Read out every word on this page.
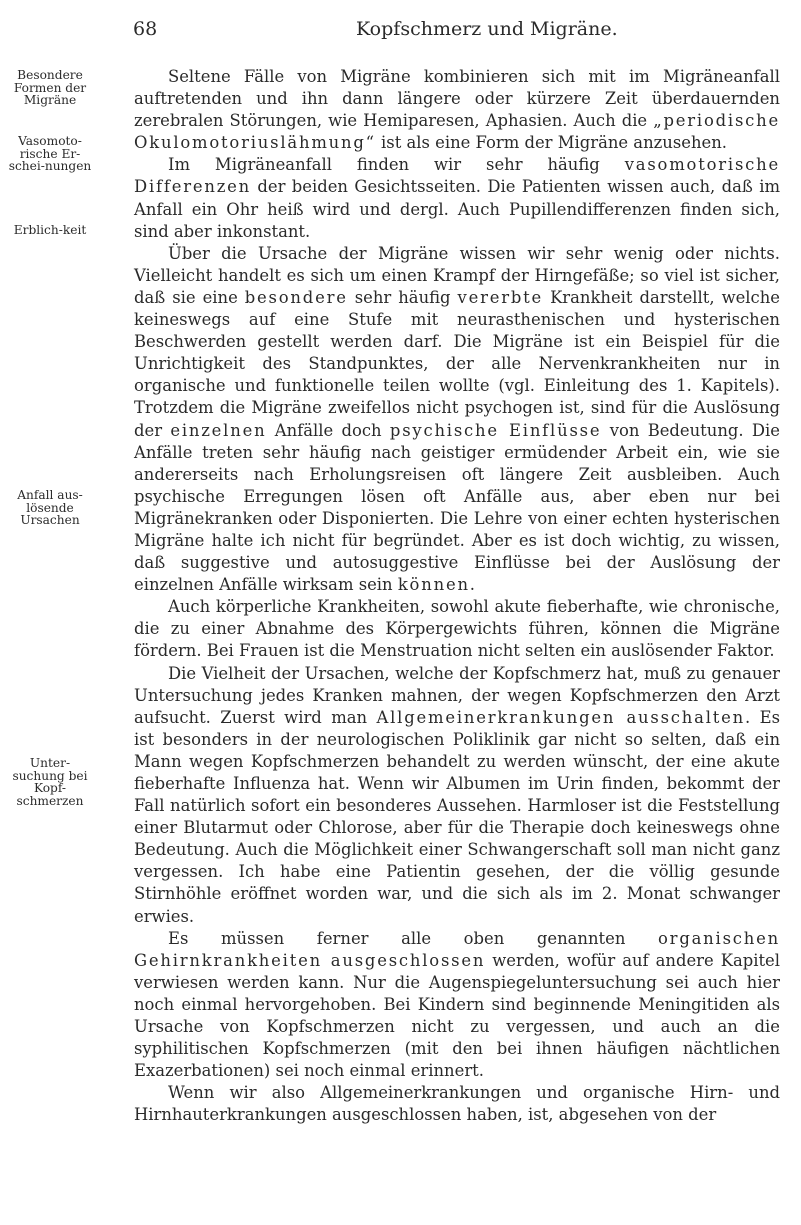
68	Kopfschmerz und Migräne.
Besondere Formen der Migräne
Vasomoto-rische Er-schei-nungen
Erblich-keit
Anfall aus-lösende Ursachen
Unter-suchung bei Kopf-schmerzen

Seltene Fälle von Migräne kombinieren sich mit im Migräneanfall auftretenden und ihn dann längere oder kürzere Zeit überdauernden zerebralen Störungen, wie Hemiparesen, Aphasien. Auch die „periodische Okulomotoriuslähmung“ ist als eine Form der Migräne anzusehen.

Im Migräneanfall finden wir sehr häufig vasomotorische Differenzen der beiden Gesichtsseiten. Die Patienten wissen auch, daß im Anfall ein Ohr heiß wird und dergl. Auch Pupillendifferenzen finden sich, sind aber inkonstant.

Über die Ursache der Migräne wissen wir sehr wenig oder nichts. Vielleicht handelt es sich um einen Krampf der Hirngefäße; so viel ist sicher, daß sie eine besondere sehr häufig vererbte Krankheit darstellt, welche keineswegs auf eine Stufe mit neurasthenischen und hysterischen Beschwerden gestellt werden darf. Die Migräne ist ein Beispiel für die Unrichtigkeit des Standpunktes, der alle Nervenkrankheiten nur in organische und funktionelle teilen wollte (vgl. Einleitung des 1. Kapitels). Trotzdem die Migräne zweifellos nicht psychogen ist, sind für die Auslösung der einzelnen Anfälle doch psychische Einflüsse von Bedeutung. Die Anfälle treten sehr häufig nach geistiger ermüdender Arbeit ein, wie sie andererseits nach Erholungsreisen oft längere Zeit ausbleiben. Auch psychische Erregungen lösen oft Anfälle aus, aber eben nur bei Migränekranken oder Disponierten. Die Lehre von einer echten hysterischen Migräne halte ich nicht für begründet. Aber es ist doch wichtig, zu wissen, daß suggestive und autosuggestive Einflüsse bei der Auslösung der einzelnen Anfälle wirksam sein können.

Auch körperliche Krankheiten, sowohl akute fieberhafte, wie chronische, die zu einer Abnahme des Körpergewichts führen, können die Migräne fördern. Bei Frauen ist die Menstruation nicht selten ein auslösender Faktor.

Die Vielheit der Ursachen, welche der Kopfschmerz hat, muß zu genauer Untersuchung jedes Kranken mahnen, der wegen Kopfschmerzen den Arzt aufsucht. Zuerst wird man Allgemeinerkrankungen ausschalten. Es ist besonders in der neurologischen Poliklinik gar nicht so selten, daß ein Mann wegen Kopfschmerzen behandelt zu werden wünscht, der eine akute fieberhafte Influenza hat. Wenn wir Albumen im Urin finden, bekommt der Fall natürlich sofort ein besonderes Aussehen. Harmloser ist die Feststellung einer Blutarmut oder Chlorose, aber für die Therapie doch keineswegs ohne Bedeutung. Auch die Möglichkeit einer Schwangerschaft soll man nicht ganz vergessen. Ich habe eine Patientin gesehen, der die völlig gesunde Stirnhöhle eröffnet worden war, und die sich als im 2. Monat schwanger erwies.

Es müssen ferner alle oben genannten organischen Gehirnkrankheiten ausgeschlossen werden, wofür auf andere Kapitel verwiesen werden kann. Nur die Augenspiegeluntersuchung sei auch hier noch einmal hervorgehoben. Bei Kindern sind beginnende Meningitiden als Ursache von Kopfschmerzen nicht zu vergessen, und auch an die syphilitischen Kopfschmerzen (mit den bei ihnen häufigen nächtlichen Exazerbationen) sei noch einmal erinnert.

Wenn wir also Allgemeinerkrankungen und organische Hirn- und Hirnhauterkrankungen ausgeschlossen haben, ist, abgesehen von der
